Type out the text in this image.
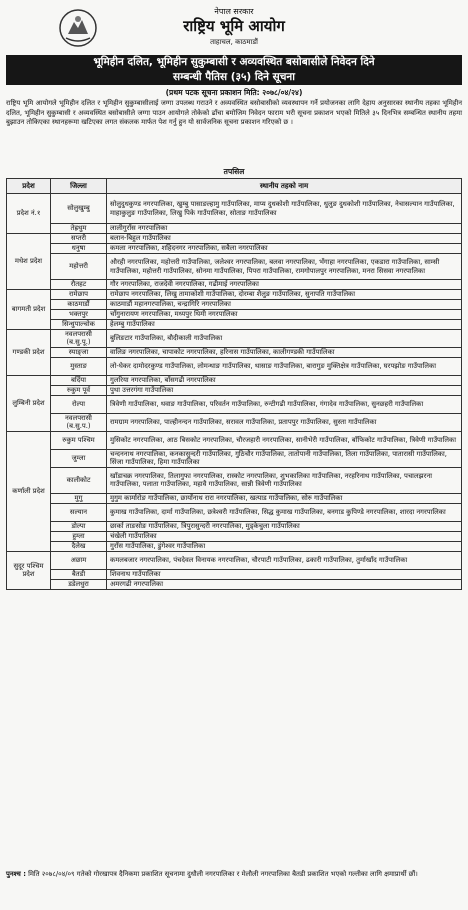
नेपाल सरकार
राष्ट्रिय भूमि आयोग
ताहाचल, काठमाडौं
भूमिहीन दलित, भूमिहीन सुकुम्बासी र अव्यवस्थित बसोबासीले निवेदन दिने
सम्बन्धी पैतिस (३५) दिने सूचना
(प्रथम पटक सूचना प्रकाशन मिति: २०७८/०४/२४)
राष्ट्रिय भूमि आयोगले भूमिहीन दलित र भूमिहीन सुकुम्बासीलाई जग्गा उपलब्ध गराउने र अव्यवस्थित बसोबासीको व्यवस्थापन गर्ने प्रयोजनका लागि देहाय अनुसारका स्थानीय तहका भूमिहीन दलित, भूमिहीन सुकुम्बासी र अव्यवस्थित बसोबासीले जग्गा पाउन आयोगले तोकेको ढाँचा बमोजिम निवेदन फाराम भरी सूचना प्रकाशन भएको मितिले ३५ दिनभित्र सम्बन्धित स्थानीय तहमा बुझाउन तोकिएका स्थानहरूमा खटिएका लगत संकलक मार्फत पेश गर्नु हुन यो सार्वजनिक सूचना प्रकाशन गरिएको छ ।
तपसिल
प्रदेश	जिल्ला	स्थानीय तहको नाम
प्रदेश नं.१	सोलुखुम्बु	सोलुदुधकुण्ड नगरपालिका, खुम्बु पासाङल्हामु गाउँपालिका, माप्य दुधकोशी गाउँपालिका, धुलुङ दुधकोशी गाउँपालिका, नेचासल्यान गाउँपालिका, माहाकुलुङ गाउँपालिका, लिखु पिके गाउँपालिका, सोताङ गाउँपालिका
	तेह्रथुम	लालीगुराँस नगरपालिका
मधेश प्रदेश	सप्तरी	बलान-बिहुल गाउँपालिका
	धनुषा	कमला नगरपालिका, शहिदनगर नगरपालिका, सबैला नगरपालिका
	महोत्तरी	औरही नगरपालिका, महोत्तरी गाउँपालिका, जलेश्वर नगरपालिका, बलवा नगरपालिका, भँगाहा नगरपालिका, एकडारा गाउँपालिका, साम्सी गाउँपालिका, महोत्तरी गाउँपालिका, सोनमा गाउँपालिका, पिपरा गाउँपालिका, रामगोपालपुर नगरपालिका, मनरा सिसवा नगरपालिका
	रौतहट	गौर नगरपालिका, राजदेवी नगरपालिका, गढीमाई नगरपालिका
बागमती प्रदेश	रामेछाप	रामेछाप नगरपालिका, लिखु तामाकोशी गाउँपालिका, दोरम्बा शैलुङ गाउँपालिका, सुनापति गाउँपालिका
	काठमाडौं	काठमाडौं महानगरपालिका, चन्द्रागिरि नगरपालिका
	भक्तपुर	चाँगुनारायण नगरपालिका, मध्यपुर थिमी नगरपालिका
	सिन्धुपाल्चोक	हेलम्बु गाउँपालिका
गण्डकी प्रदेश	नवलपरासी (ब.सु.पू.)	बुलिङटार गाउँपालिका, बौदीकाली गाउँपालिका
	स्याङ्जा	वालिङ नगरपालिका, चापाकोट नगरपालिका, हरिनास गाउँपालिका, कालीगण्डकी गाउँपालिका
	मुस्ताङ	लो-घेकर दामोदरकुण्ड गाउँपालिका, लोमन्थाङ गाउँपालिका, थासाङ गाउँपालिका, बारागुङ मुक्तिक्षेत्र गाउँपालिका, घरपझोङ गाउँपालिका
लुम्बिनी प्रदेश	बर्दिया	गुलरिया नगरपालिका, बाँसगढी नगरपालिका
	रुकुम पूर्व	पुथा उत्तरगंगा गाउँपालिका
	रोल्पा	त्रिवेणी गाउँपालिका, थवाङ गाउँपालिका, परिवर्तन गाउँपालिका, रुन्टीगढी गाउँपालिका, गंगादेव गाउँपालिका, सुनछहरी गाउँपालिका
	नवलपरासी (ब.सु.प.)	रामग्राम नगरपालिका, पाल्हीनन्दन गाउँपालिका, सरावल गाउँपालिका, प्रतापपुर गाउँपालिका, सुस्ता गाउँपालिका
कर्णाली प्रदेश	रुकुम पश्चिम	मुसिकोट नगरपालिका, आठ बिसकोट नगरपालिका, चौरजहारी नगरपालिका, सानीभेरी गाउँपालिका, बाँफिकोट गाउँपालिका, त्रिवेणी गाउँपालिका
	जुम्ला	चन्दननाथ नगरपालिका, कनकासुन्दरी गाउँपालिका, गुठिचौर गाउँपालिका, तातोपानी गाउँपालिका, तिला गाउँपालिका, पातारासी गाउँपालिका, सिंजा गाउँपालिका, हिमा गाउँपालिका
	कालीकोट	खाँडाचक्र नगरपालिका, तिलागुफा नगरपालिका, रास्कोट नगरपालिका, शुभकालिका गाउँपालिका, नरहरिनाथ गाउँपालिका, पचालझरना गाउँपालिका, पलाता गाउँपालिका, महावै गाउँपालिका, सान्नी त्रिवेणी गाउँपालिका
	मुगु	मुगुम कार्मारोङ गाउँपालिका, छायाँनाथ रारा नगरपालिका, खत्याड गाउँपालिका, सोरु गाउँपालिका
	सल्यान	कुमाख गाउँपालिका, दार्मा गाउँपालिका, छत्रेश्वरी गाउँपालिका, सिद्ध कुमाख गाउँपालिका, बनगाड कुपिण्डे नगरपालिका, शारदा नगरपालिका
	डोल्पा	छार्का ताङसोङ गाउँपालिका, त्रिपुरासुन्दरी नगरपालिका, मुड्केचुला गाउँपालिका
	हुम्ला	चंखेली गाउँपालिका
	दैलेख	गुराँस गाउँपालिका, डुंगेश्वर गाउँपालिका
सुदूर पश्चिम प्रदेश	अछाम	कमलबजार नगरपालिका, पंचदेवल विनायक नगरपालिका, चौरपाटी गाउँपालिका, ढकारी गाउँपालिका, तुर्माखाँद गाउँपालिका
	बैतडी	शिवनाथ गाउँपालिका
	डडेलधुरा	अमरगढी नगरपालिका
पुनश्च : मिति २०७८/०४/०९ गतेको गोरखापत्र दैनिकमा प्रकाशित सूचनामा दुधौली नगरपालिका र मेलौली नगरपालिका बैतडी प्रकाशित भएको गल्तीका लागि क्षमाप्रार्थी छौं।
